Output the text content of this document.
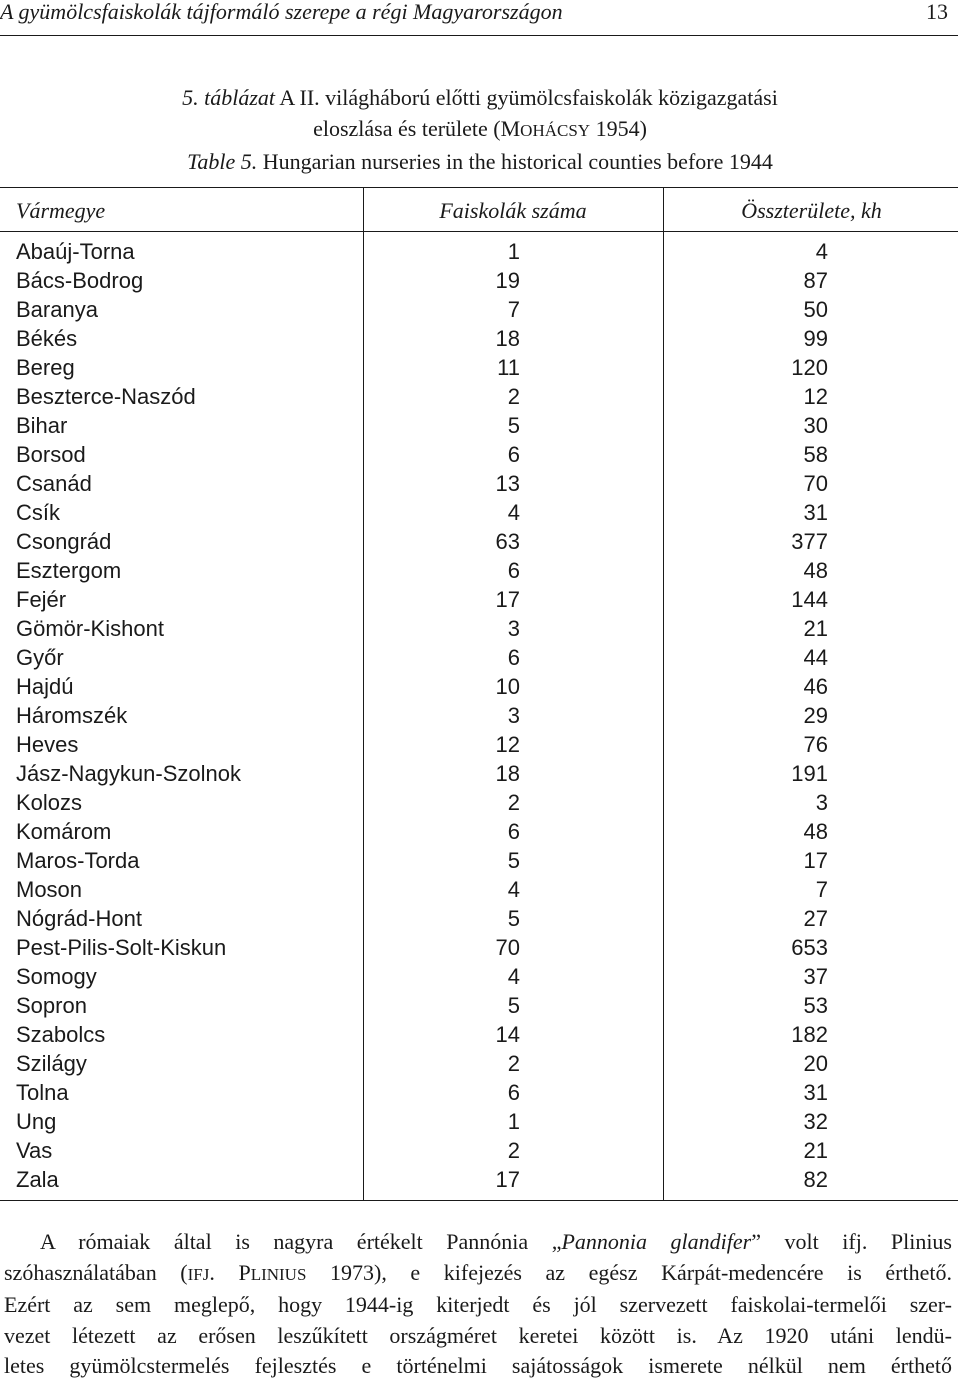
A gyümölcsfaiskolák tájformáló szerepe a régi Magyarországon	13

5. táblázat A II. világháború előtti gyümölcsfaiskolák közigazgatási

eloszlása és területe (MOHÁCSY 1954)

Table 5. Hungarian nurseries in the historical counties before 1944

Vármegye	Faiskolák száma	Összterülete, kh
Abaúj-Torna	1	4
Bács-Bodrog	19	87
Baranya	7	50
Békés	18	99
Bereg	11	120
Beszterce-Naszód	2	12
Bihar	5	30
Borsod	6	58
Csanád	13	70
Csík	4	31
Csongrád	63	377
Esztergom	6	48
Fejér	17	144
Gömör-Kishont	3	21
Győr	6	44
Hajdú	10	46
Háromszék	3	29
Heves	12	76
Jász-Nagykun-Szolnok	18	191
Kolozs	2	3
Komárom	6	48
Maros-Torda	5	17
Moson	4	7
Nógrád-Hont	5	27
Pest-Pilis-Solt-Kiskun	70	653
Somogy	4	37
Sopron	5	53
Szabolcs	14	182
Szilágy	2	20
Tolna	6	31
Ung	1	32
Vas	2	21
Zala	17	82
A rómaiak által is nagyra értékelt Pannónia „Pannonia glandifer” volt ifj. Plinius
szóhasználatában (IFJ. PLINIUS 1973), e kifejezés az egész Kárpát-medencére is érthető.
Ezért az sem meglepő, hogy 1944-ig kiterjedt és jól szervezett faiskolai-termelői szer-
vezet létezett az erősen leszűkített országméret keretei között is. Az 1920 utáni lendü-
letes gyümölcstermelés fejlesztés e történelmi sajátosságok ismerete nélkül nem érthető
